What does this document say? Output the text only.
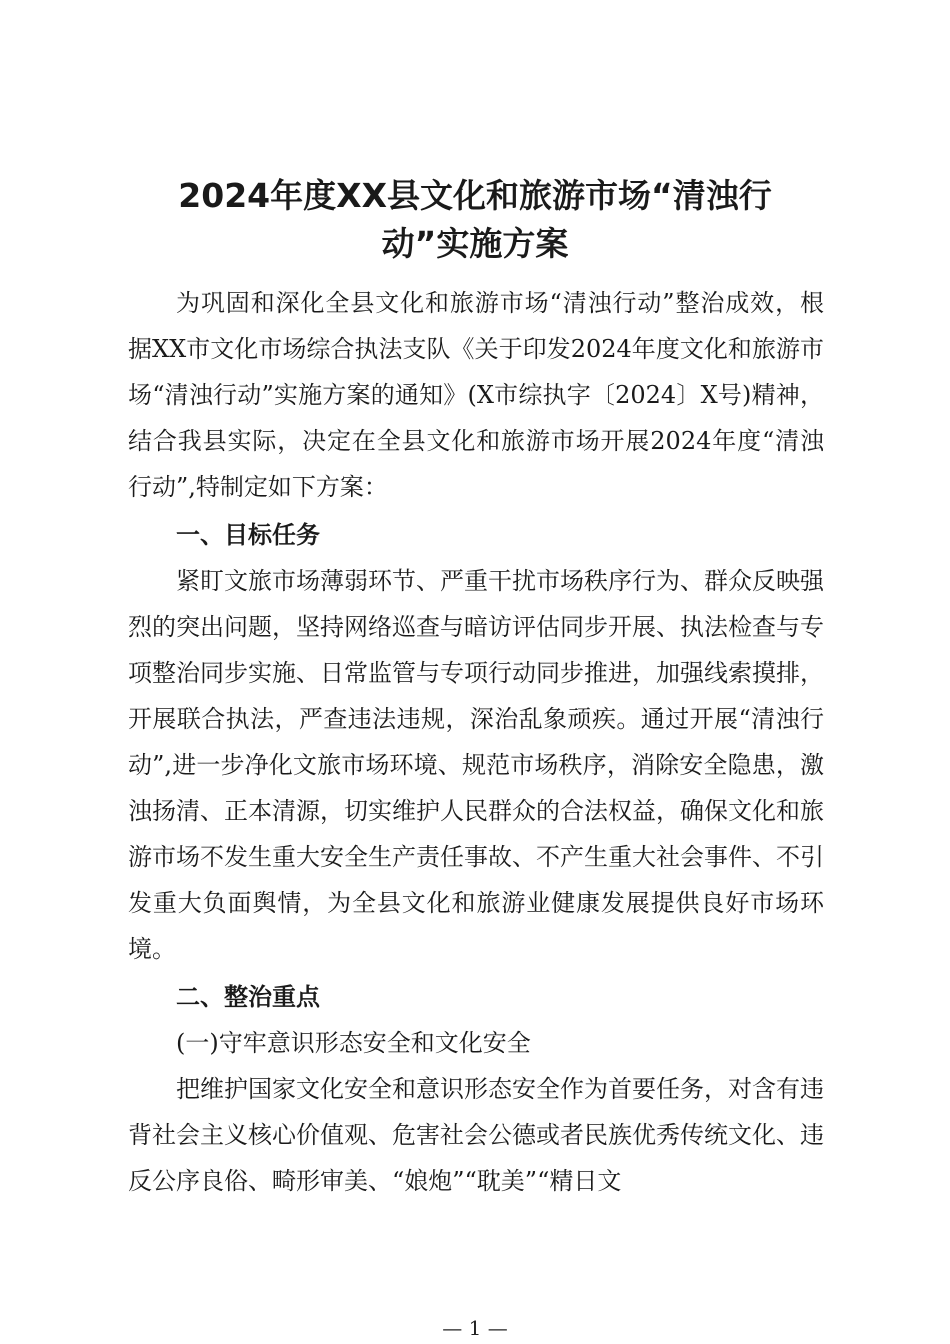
2024年度XX县文化和旅游市场“清浊行
动”实施方案

为巩固和深化全县文化和旅游市场“清浊行动”整治成效，根据XX市文化市场综合执法支队《关于印发2024年度文化和旅游市场“清浊行动”实施方案的通知》(X市综执字〔2024〕X号)精神，结合我县实际，决定在全县文化和旅游市场开展2024年度“清浊行动”,特制定如下方案：

一、目标任务

紧盯文旅市场薄弱环节、严重干扰市场秩序行为、群众反映强烈的突出问题，坚持网络巡查与暗访评估同步开展、执法检查与专项整治同步实施、日常监管与专项行动同步推进，加强线索摸排，开展联合执法，严查违法违规，深治乱象顽疾。通过开展“清浊行动”,进一步净化文旅市场环境、规范市场秩序，消除安全隐患，激浊扬清、正本清源，切实维护人民群众的合法权益，确保文化和旅游市场不发生重大安全生产责任事故、不产生重大社会事件、不引发重大负面舆情，为全县文化和旅游业健康发展提供良好市场环境。

二、整治重点

(一)守牢意识形态安全和文化安全

把维护国家文化安全和意识形态安全作为首要任务，对含有违背社会主义核心价值观、危害社会公德或者民族优秀传统文化、违反公序良俗、畸形审美、“娘炮”“耽美”“精日文

— 1 —
